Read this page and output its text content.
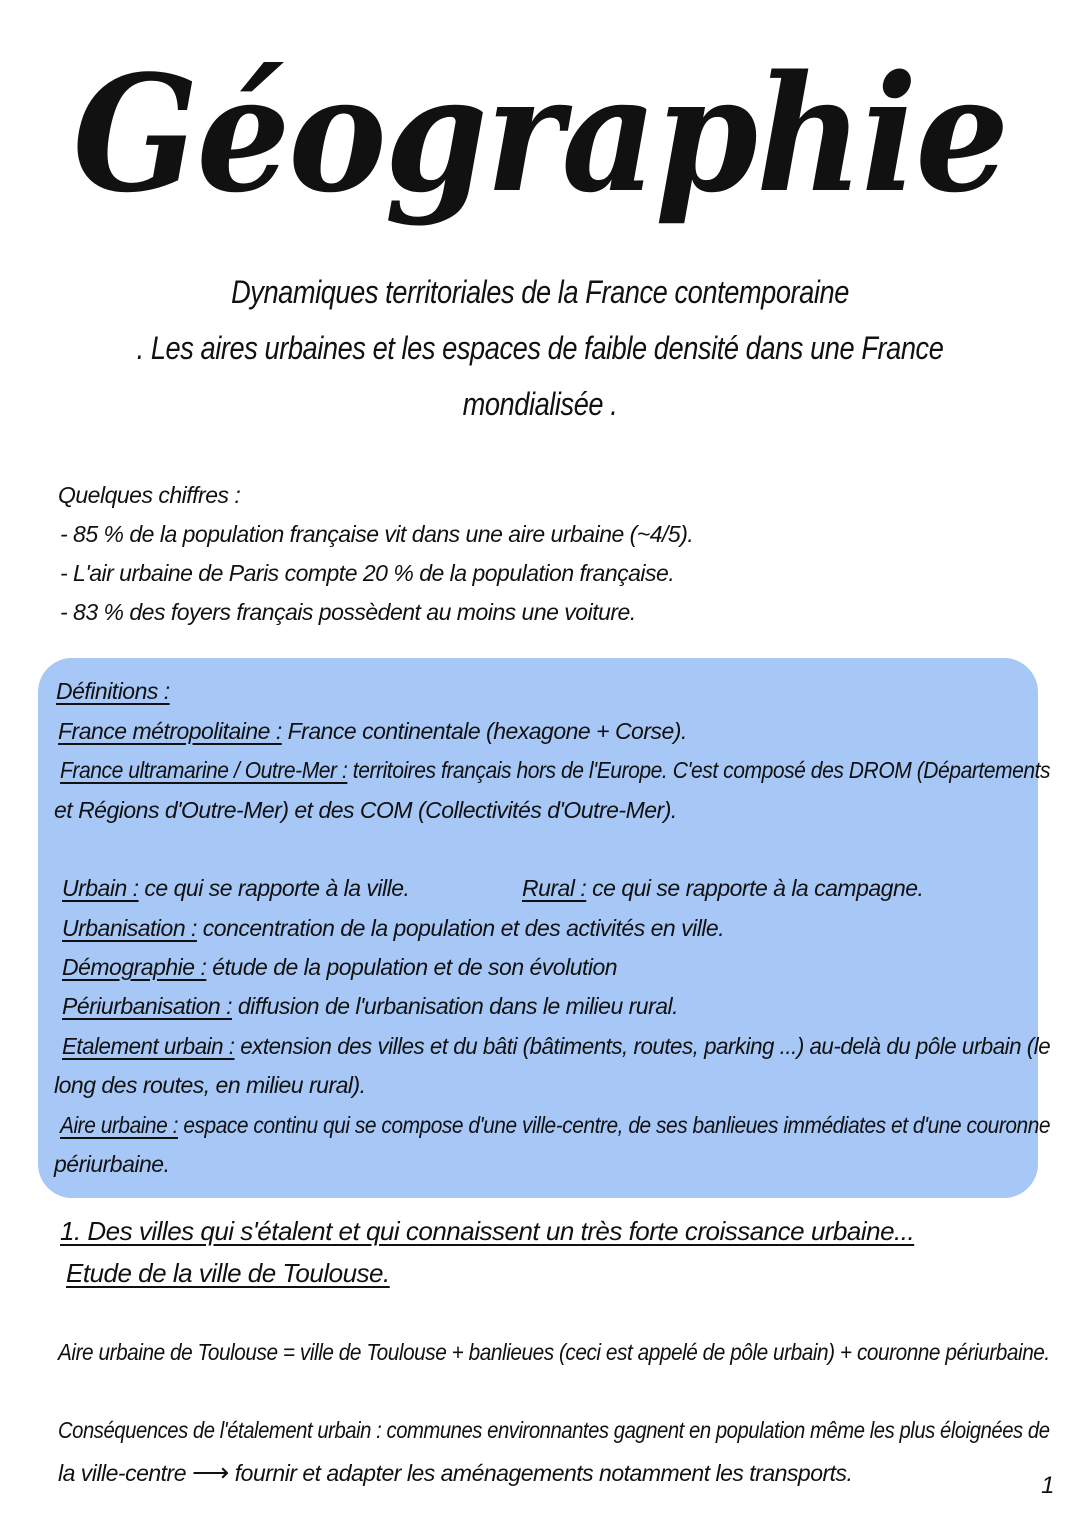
Géographie
Dynamiques territoriales de la France contemporaine
. Les aires urbaines et les espaces de faible densité dans une France
mondialisée .
Quelques chiffres :
- 85 % de la population française vit dans une aire urbaine (~4/5).
- L'air urbaine de Paris compte 20 % de la population française.
- 83 % des foyers français possèdent au moins une voiture.
Définitions :
France métropolitaine : France continentale (hexagone + Corse).
France ultramarine / Outre-Mer : territoires français hors de l'Europe. C'est composé des DROM (Départements
et Régions d'Outre-Mer) et des COM (Collectivités d'Outre-Mer).
Urbain : ce qui se rapporte à la ville.	Rural : ce qui se rapporte à la campagne.
Urbanisation : concentration de la population et des activités en ville.
Démographie : étude de la population et de son évolution
Périurbanisation : diffusion de l'urbanisation dans le milieu rural.
Etalement urbain : extension des villes et du bâti (bâtiments, routes, parking ...) au-delà du pôle urbain (le
long des routes, en milieu rural).
Aire urbaine : espace continu qui se compose d'une ville-centre, de ses banlieues immédiates et d'une couronne
périurbaine.
1. Des villes qui s'étalent et qui connaissent un très forte croissance urbaine...
Etude de la ville de Toulouse.
Aire urbaine de Toulouse = ville de Toulouse + banlieues (ceci est appelé de pôle urbain) + couronne périurbaine.
Conséquences de l'étalement urbain : communes environnantes gagnent en population même les plus éloignées de
la ville-centre ⟶ fournir et adapter les aménagements notamment les transports.	1
